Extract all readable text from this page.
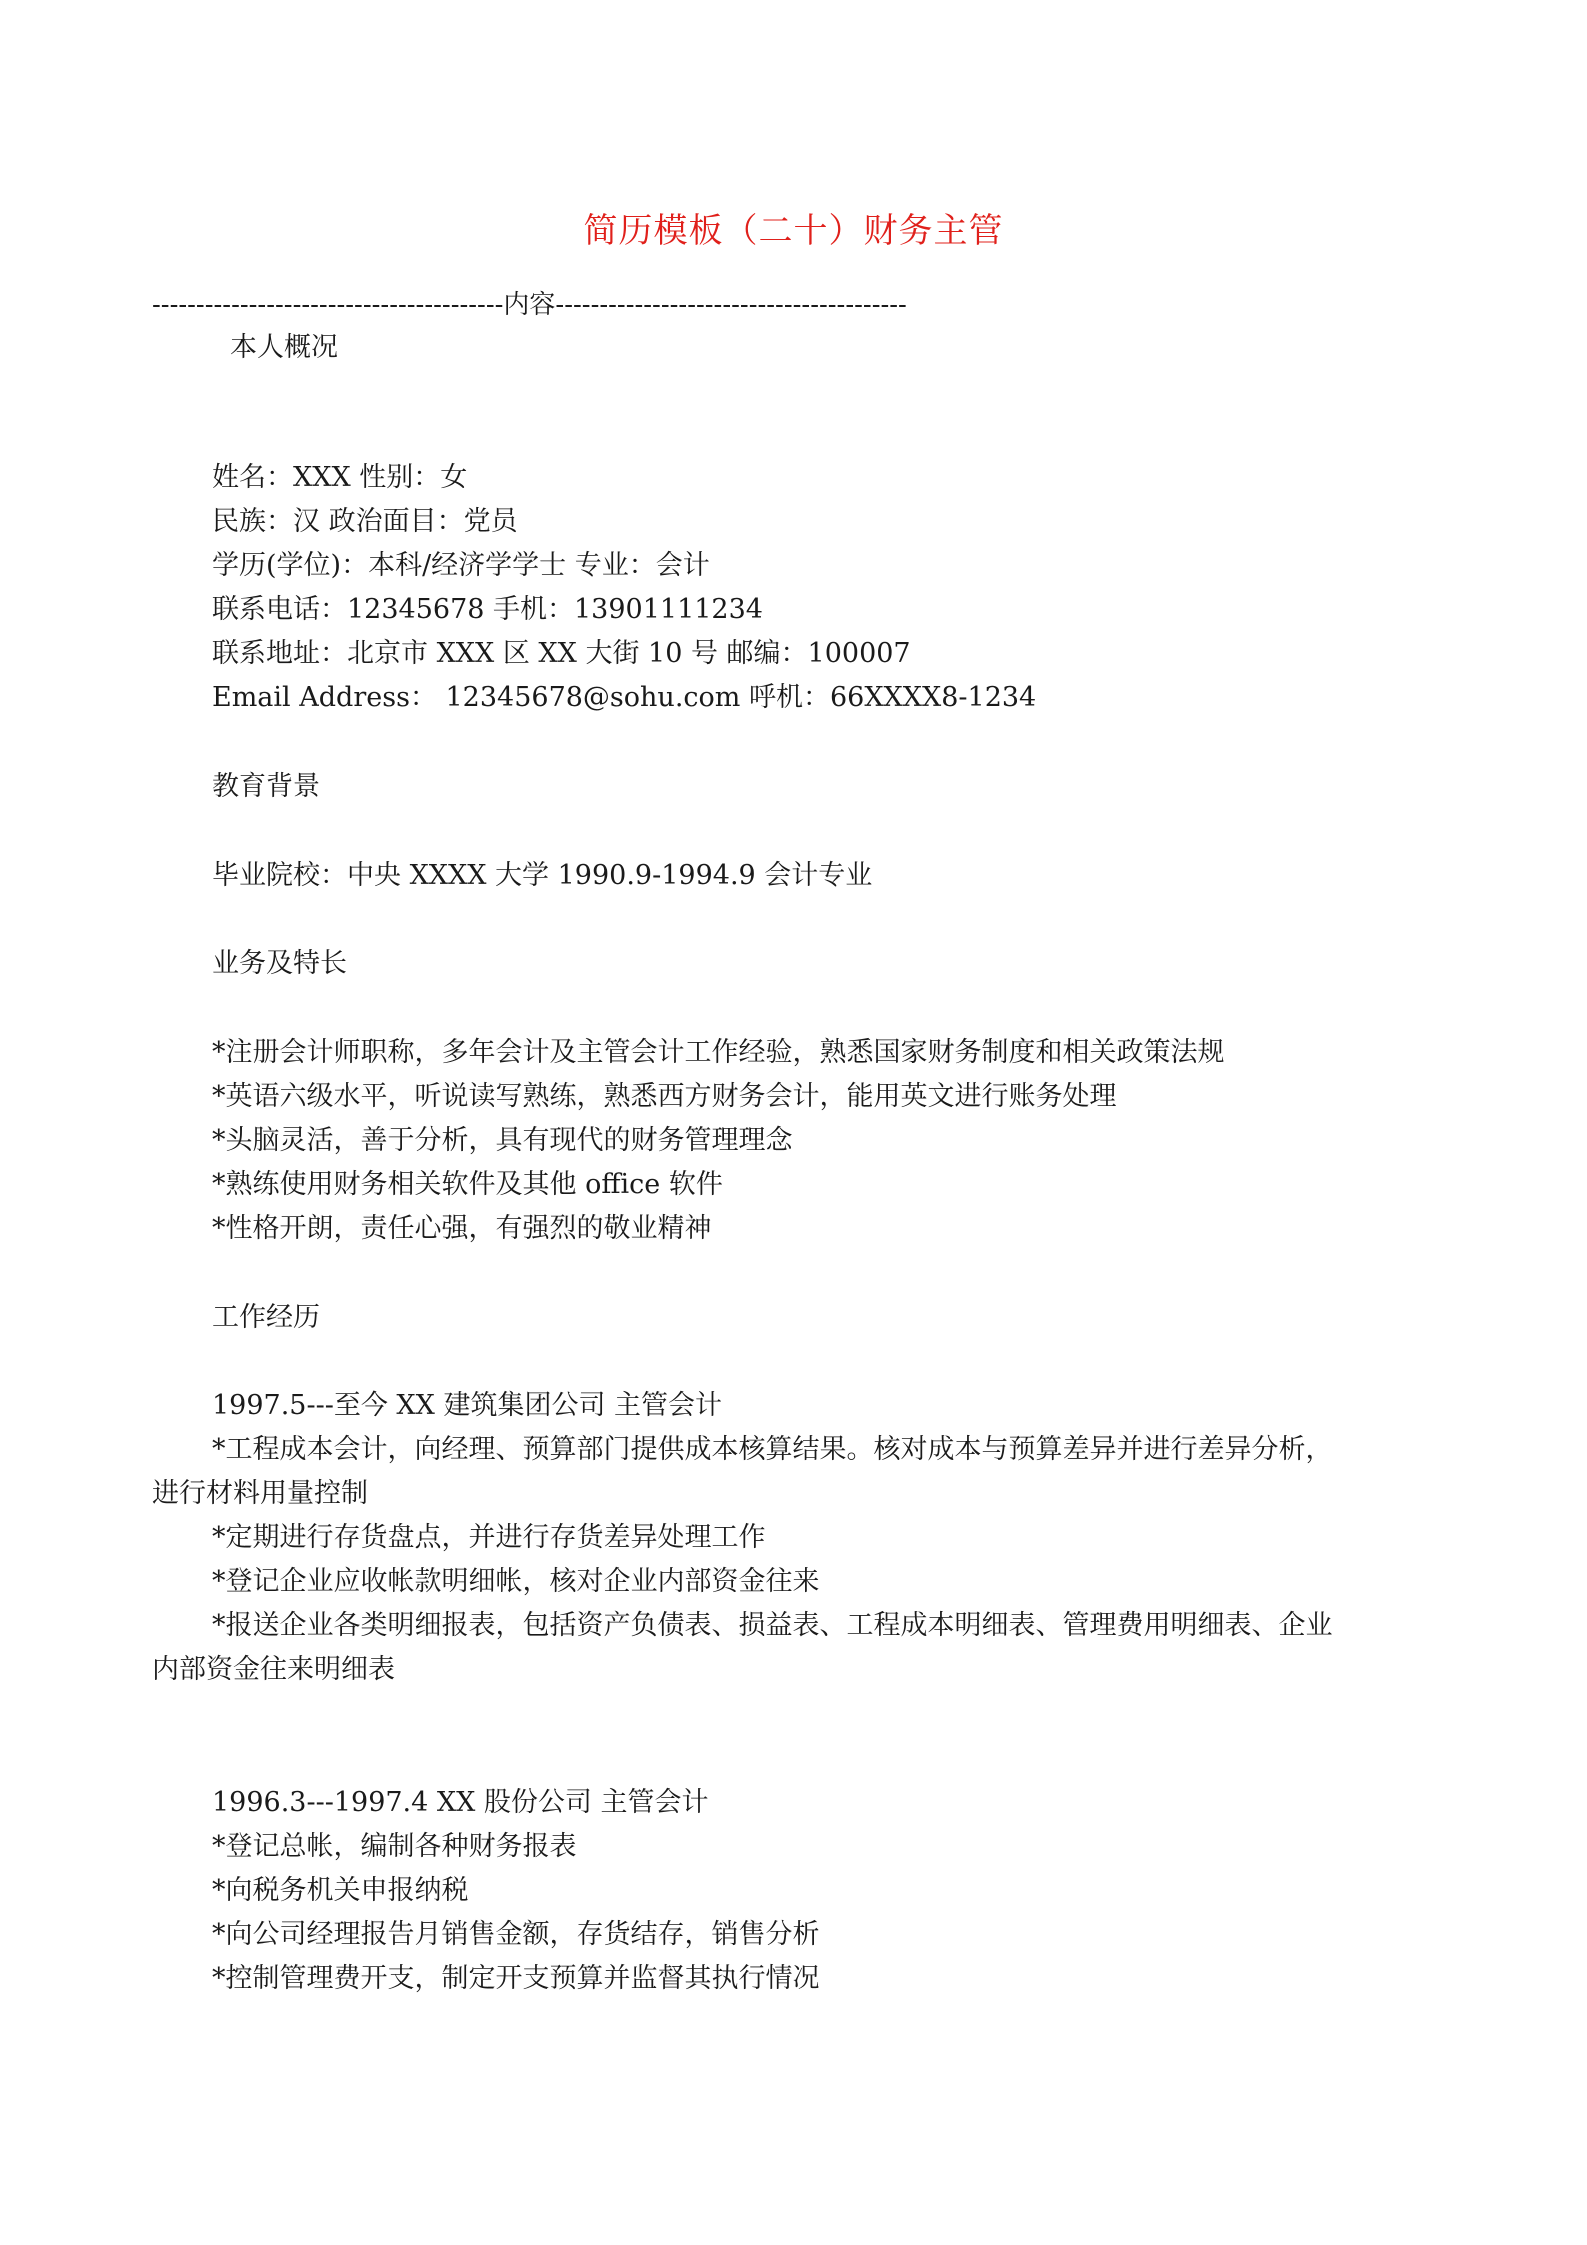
简历模板（二十）财务主管
----------------------------------------内容----------------------------------------
本人概况
姓名：XXX 性别：女
民族：汉 政治面目：党员
学历(学位)：本科/经济学学士 专业：会计
联系电话：12345678 手机：13901111234
联系地址：北京市 XXX 区 XX 大街 10 号 邮编：100007
Email Address： 12345678@sohu.com 呼机：66XXXX8-1234
教育背景
毕业院校：中央 XXXX 大学 1990.9-1994.9 会计专业
业务及特长
*注册会计师职称，多年会计及主管会计工作经验，熟悉国家财务制度和相关政策法规
*英语六级水平，听说读写熟练，熟悉西方财务会计，能用英文进行账务处理
*头脑灵活，善于分析，具有现代的财务管理理念
*熟练使用财务相关软件及其他 office 软件
*性格开朗，责任心强，有强烈的敬业精神
工作经历
1997.5---至今 XX 建筑集团公司 主管会计
*工程成本会计，向经理、预算部门提供成本核算结果。核对成本与预算差异并进行差异分析，
进行材料用量控制
*定期进行存货盘点，并进行存货差异处理工作
*登记企业应收帐款明细帐，核对企业内部资金往来
*报送企业各类明细报表，包括资产负债表、损益表、工程成本明细表、管理费用明细表、企业
内部资金往来明细表
1996.3---1997.4 XX 股份公司 主管会计
*登记总帐，编制各种财务报表
*向税务机关申报纳税
*向公司经理报告月销售金额，存货结存，销售分析
*控制管理费开支，制定开支预算并监督其执行情况
